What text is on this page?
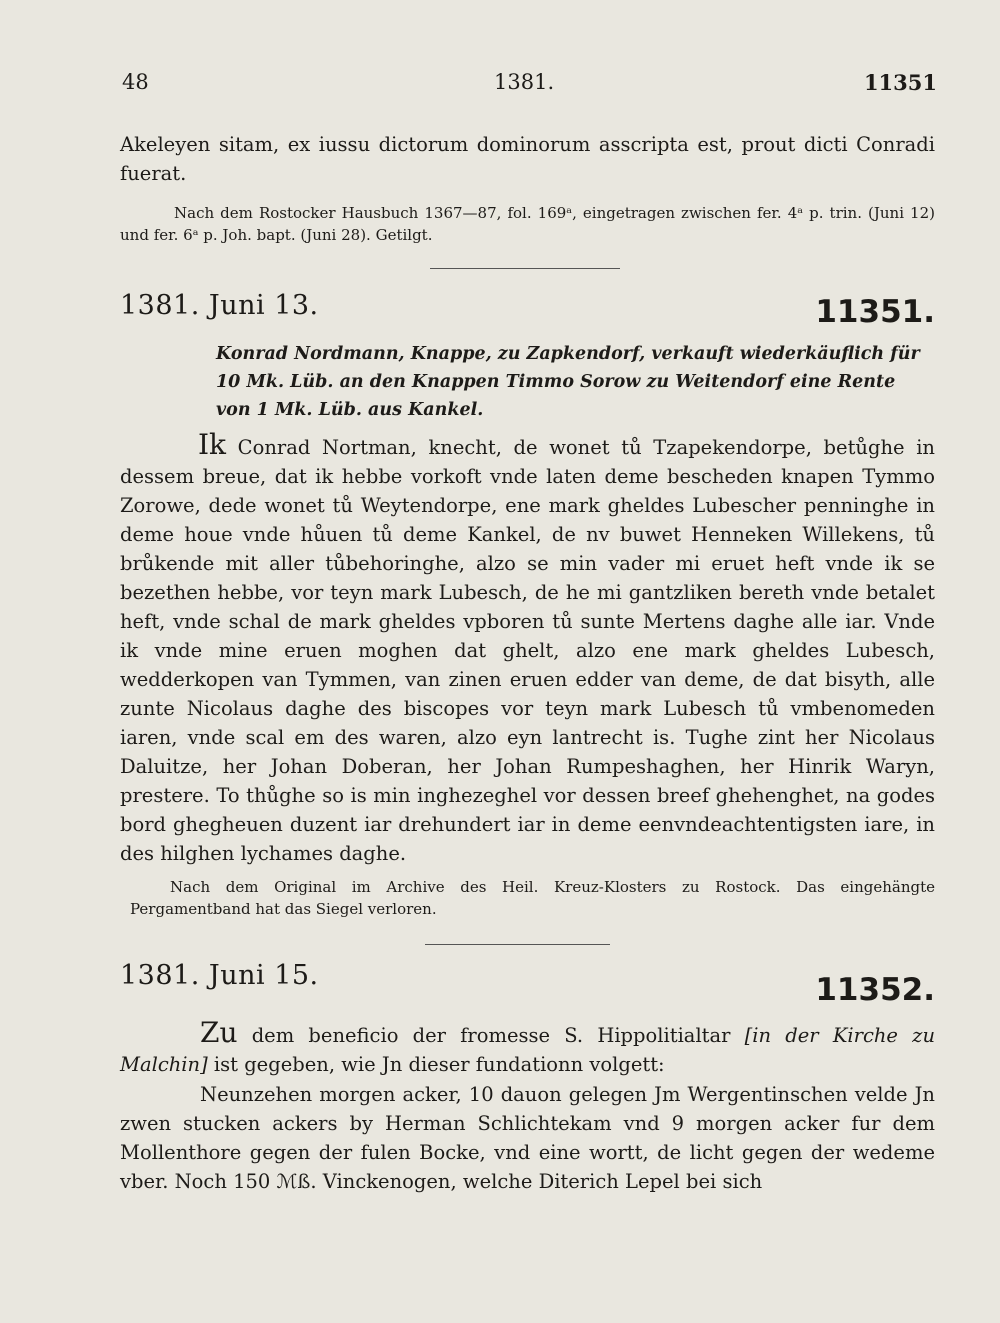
48	1381.	11351
Akeleyen sitam, ex iussu dictorum dominorum asscripta est, prout dicti Conradi fuerat.
Nach dem Rostocker Hausbuch 1367—87, fol. 169ᵃ, eingetragen zwischen fer. 4ᵃ p. trin. (Juni 12) und fer. 6ᵃ p. Joh. bapt. (Juni 28). Getilgt.
1381. Juni 13.	11351.
Konrad Nordmann, Knappe, zu Zapkendorf, verkauft wiederkäuflich für 10 Mk. Lüb. an den Knappen Timmo Sorow zu Weitendorf eine Rente von 1 Mk. Lüb. aus Kankel.
Ik Conrad Nortman, knecht, de wonet tů Tzapekendorpe, betůghe in dessem breue, dat ik hebbe vorkoft vnde laten deme bescheden knapen Tymmo Zorowe, dede wonet tů Weytendorpe, ene mark gheldes Lubescher penninghe in deme houe vnde hůuen tů deme Kankel, de nv buwet Henneken Willekens, tů brůkende mit aller tůbehoringhe, alzo se min vader mi eruet heft vnde ik se bezethen hebbe, vor teyn mark Lubesch, de he mi gantzliken bereth vnde betalet heft, vnde schal de mark gheldes vpboren tů sunte Mertens daghe alle iar. Vnde ik vnde mine eruen moghen dat ghelt, alzo ene mark gheldes Lubesch, wedderkopen van Tymmen, van zinen eruen edder van deme, de dat bisyth, alle zunte Nicolaus daghe des biscopes vor teyn mark Lubesch tů vmbenomeden iaren, vnde scal em des waren, alzo eyn lantrecht is. Tughe zint her Nicolaus Daluitze, her Johan Doberan, her Johan Rumpeshaghen, her Hinrik Waryn, prestere. To thůghe so is min inghezeghel vor dessen breef ghehenghet, na godes bord ghegheuen duzent iar drehundert iar in deme eenvndeachtentigsten iare, in des hilghen lychames daghe.
Nach dem Original im Archive des Heil. Kreuz-Klosters zu Rostock. Das eingehängte Pergamentband hat das Siegel verloren.
1381. Juni 15.	11352.
Zu dem beneficio der fromesse S. Hippolitialtar [in der Kirche zu Malchin] ist gegeben, wie Jn dieser fundationn volgett:
Neunzehen morgen acker, 10 dauon gelegen Jm Wergentinschen velde Jn zwen stucken ackers by Herman Schlichtekam vnd 9 morgen acker fur dem Mollenthore gegen der fulen Bocke, vnd eine wortt, de licht gegen der wedeme vber. Noch 150 ℳ︎ß. Vinckenogen, welche Diterich Lepel bei sich
